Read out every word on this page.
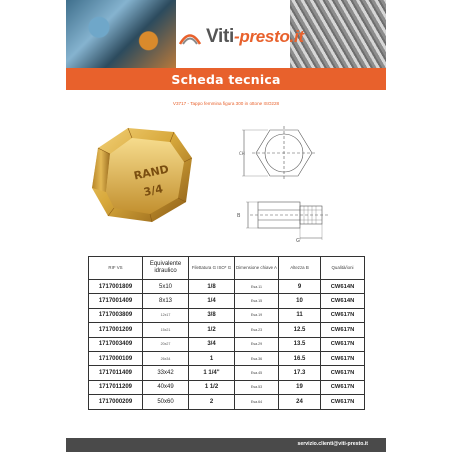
Viti-presto.it
Scheda tecnica
V3717 - Tappo femmina figura 300 in ottone ISO228
RAND
3/4
CH
B
G
RIF VS	Equivalente idraulico	Filettatura G ISO* G	Dimensione chiave A	Altezza B	Qualità/ioni
1717001809	5x10	1/8	Esa.11	9	CW614N
1717001409	8x13	1/4	Esa.15	10	CW614N
1717003809	12x17	3/8	Esa.19	11	CW617N
1717001209	15x21	1/2	Esa.23	12.5	CW617N
1717003409	20x27	3/4	Esa.29	13.5	CW617N
1717000109	26x34	1	Esa.36	16.5	CW617N
1717011409	33x42	1 1/4"	Esa.45	17.3	CW617N
1717011209	40x49	1 1/2	Esa.53	19	CW617N
1717000209	50x60	2	Esa.64	24	CW617N
servizio.clienti@viti-presto.it
